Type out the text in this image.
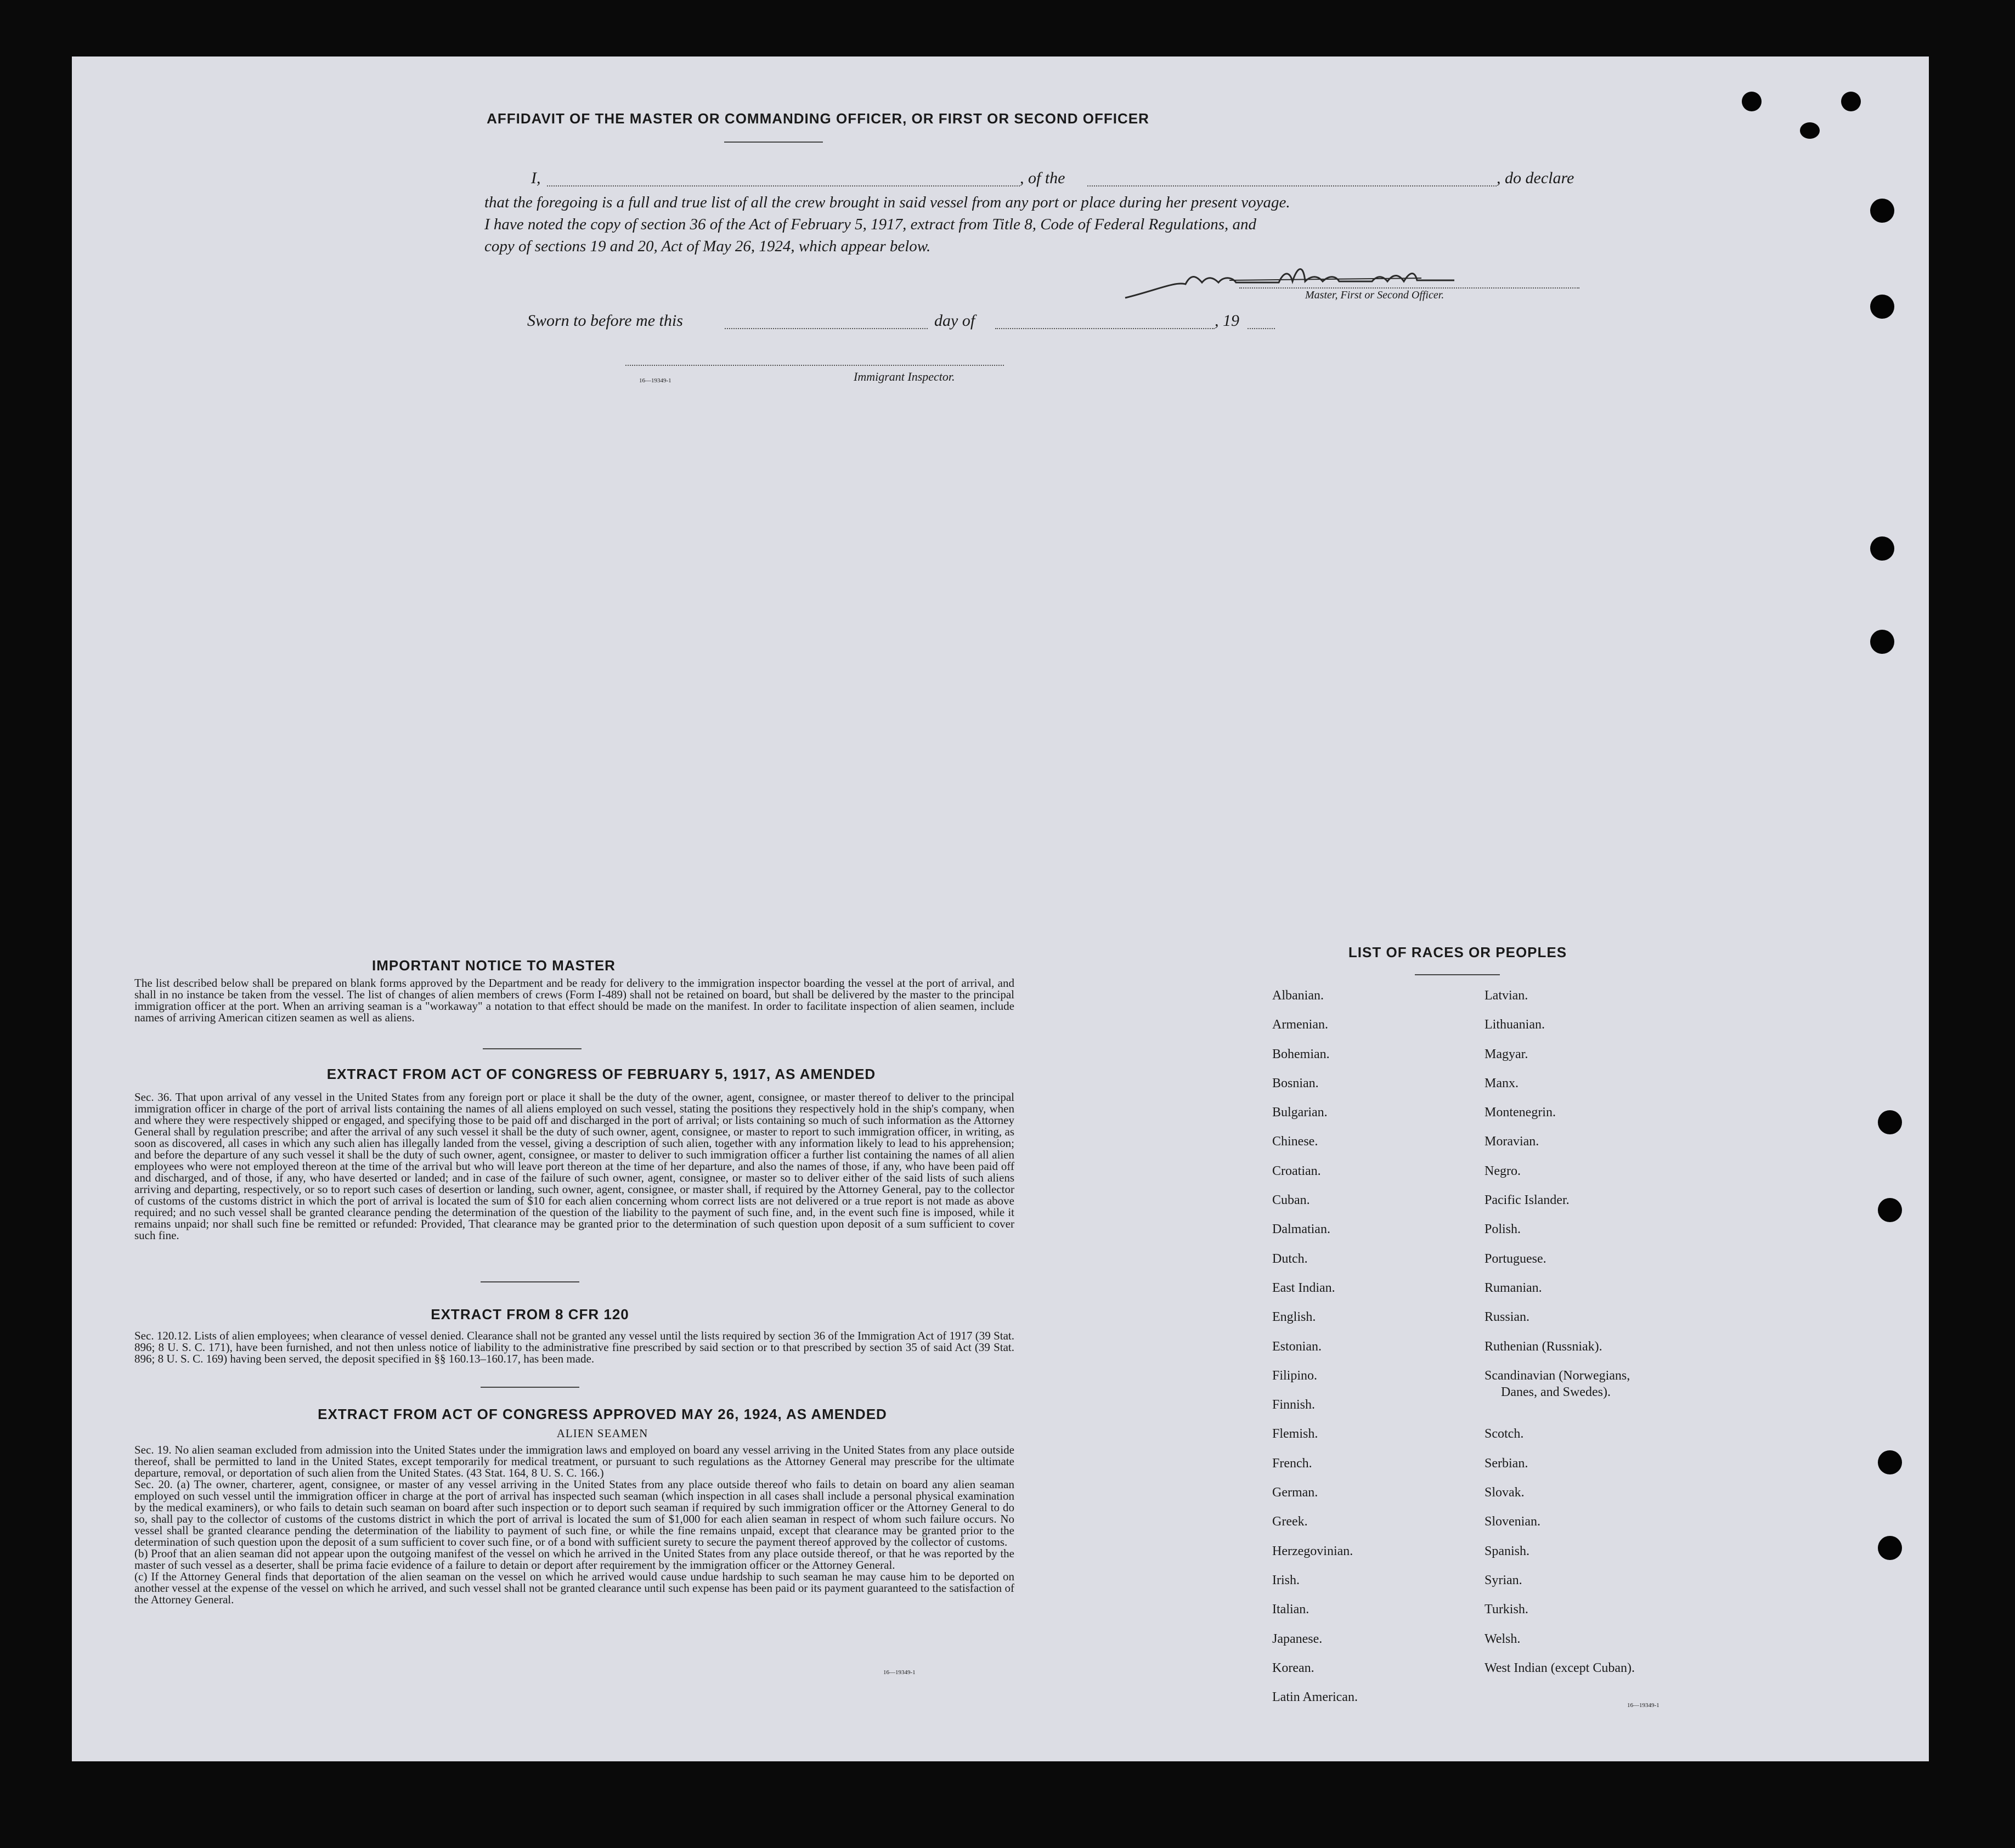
AFFIDAVIT OF THE MASTER OR COMMANDING OFFICER, OR FIRST OR SECOND OFFICER
I,	, of the	, do declare
that the foregoing is a full and true list of all the crew brought in said vessel from any port or place during her present voyage.
I have noted the copy of section 36 of the Act of February 5, 1917, extract from Title 8, Code of Federal Regulations, and
copy of sections 19 and 20, Act of May 26, 1924, which appear below.
Master, First or Second Officer.
Sworn to before me this	day of	, 19
16—19349-1	Immigrant Inspector.
IMPORTANT NOTICE TO MASTER
The list described below shall be prepared on blank forms approved by the Department and be ready for delivery to the immigration inspector boarding the vessel at the port of arrival, and shall in no instance be taken from the vessel. The list of changes of alien members of crews (Form I-489) shall not be retained on board, but shall be delivered by the master to the principal immigration officer at the port. When an arriving seaman is a "workaway" a notation to that effect should be made on the manifest. In order to facilitate inspection of alien seamen, include names of arriving American citizen seamen as well as aliens.
EXTRACT FROM ACT OF CONGRESS OF FEBRUARY 5, 1917, AS AMENDED
Sec. 36. That upon arrival of any vessel in the United States from any foreign port or place it shall be the duty of the owner, agent, consignee, or master thereof to deliver to the principal immigration officer in charge of the port of arrival lists containing the names of all aliens employed on such vessel, stating the positions they respectively hold in the ship's company, when and where they were respectively shipped or engaged, and specifying those to be paid off and discharged in the port of arrival; or lists containing so much of such information as the Attorney General shall by regulation prescribe; and after the arrival of any such vessel it shall be the duty of such owner, agent, consignee, or master to report to such immigration officer, in writing, as soon as discovered, all cases in which any such alien has illegally landed from the vessel, giving a description of such alien, together with any information likely to lead to his apprehension; and before the departure of any such vessel it shall be the duty of such owner, agent, consignee, or master to deliver to such immigration officer a further list containing the names of all alien employees who were not employed thereon at the time of the arrival but who will leave port thereon at the time of her departure, and also the names of those, if any, who have been paid off and discharged, and of those, if any, who have deserted or landed; and in case of the failure of such owner, agent, consignee, or master so to deliver either of the said lists of such aliens arriving and departing, respectively, or so to report such cases of desertion or landing, such owner, agent, consignee, or master shall, if required by the Attorney General, pay to the collector of customs of the customs district in which the port of arrival is located the sum of $10 for each alien concerning whom correct lists are not delivered or a true report is not made as above required; and no such vessel shall be granted clearance pending the determination of the question of the liability to the payment of such fine, and, in the event such fine is imposed, while it remains unpaid; nor shall such fine be remitted or refunded: Provided, That clearance may be granted prior to the determination of such question upon deposit of a sum sufficient to cover such fine.
EXTRACT FROM 8 CFR 120
Sec. 120.12. Lists of alien employees; when clearance of vessel denied. Clearance shall not be granted any vessel until the lists required by section 36 of the Immigration Act of 1917 (39 Stat. 896; 8 U. S. C. 171), have been furnished, and not then unless notice of liability to the administrative fine prescribed by said section or to that prescribed by section 35 of said Act (39 Stat. 896; 8 U. S. C. 169) having been served, the deposit specified in §§ 160.13–160.17, has been made.
EXTRACT FROM ACT OF CONGRESS APPROVED MAY 26, 1924, AS AMENDED
ALIEN SEAMEN

Sec. 19. No alien seaman excluded from admission into the United States under the immigration laws and employed on board any vessel arriving in the United States from any place outside thereof, shall be permitted to land in the United States, except temporarily for medical treatment, or pursuant to such regulations as the Attorney General may prescribe for the ultimate departure, removal, or deportation of such alien from the United States. (43 Stat. 164, 8 U. S. C. 166.)

Sec. 20. (a) The owner, charterer, agent, consignee, or master of any vessel arriving in the United States from any place outside thereof who fails to detain on board any alien seaman employed on such vessel until the immigration officer in charge at the port of arrival has inspected such seaman (which inspection in all cases shall include a personal physical examination by the medical examiners), or who fails to detain such seaman on board after such inspection or to deport such seaman if required by such immigration officer or the Attorney General to do so, shall pay to the collector of customs of the customs district in which the port of arrival is located the sum of $1,000 for each alien seaman in respect of whom such failure occurs. No vessel shall be granted clearance pending the determination of the liability to payment of such fine, or while the fine remains unpaid, except that clearance may be granted prior to the determination of such question upon the deposit of a sum sufficient to cover such fine, or of a bond with sufficient surety to secure the payment thereof approved by the collector of customs.

(b) Proof that an alien seaman did not appear upon the outgoing manifest of the vessel on which he arrived in the United States from any place outside thereof, or that he was reported by the master of such vessel as a deserter, shall be prima facie evidence of a failure to detain or deport after requirement by the immigration officer or the Attorney General.

(c) If the Attorney General finds that deportation of the alien seaman on the vessel on which he arrived would cause undue hardship to such seaman he may cause him to be deported on another vessel at the expense of the vessel on which he arrived, and such vessel shall not be granted clearance until such expense has been paid or its payment guaranteed to the satisfaction of the Attorney General.

16—19349-1
LIST OF RACES OR PEOPLES
Albanian.
Armenian.
Bohemian.
Bosnian.
Bulgarian.
Chinese.
Croatian.
Cuban.
Dalmatian.
Dutch.
East Indian.
English.
Estonian.
Filipino.
Finnish.
Flemish.
French.
German.
Greek.
Herzegovinian.
Irish.
Italian.
Japanese.
Korean.
Latin American.
Latvian.
Lithuanian.
Magyar.
Manx.
Montenegrin.
Moravian.
Negro.
Pacific Islander.
Polish.
Portuguese.
Rumanian.
Russian.
Ruthenian (Russniak).
Scandinavian (Norwegians,
Danes, and Swedes).
Scotch.
Serbian.
Slovak.
Slovenian.
Spanish.
Syrian.
Turkish.
Welsh.
West Indian (except Cuban).
16—19349-1
